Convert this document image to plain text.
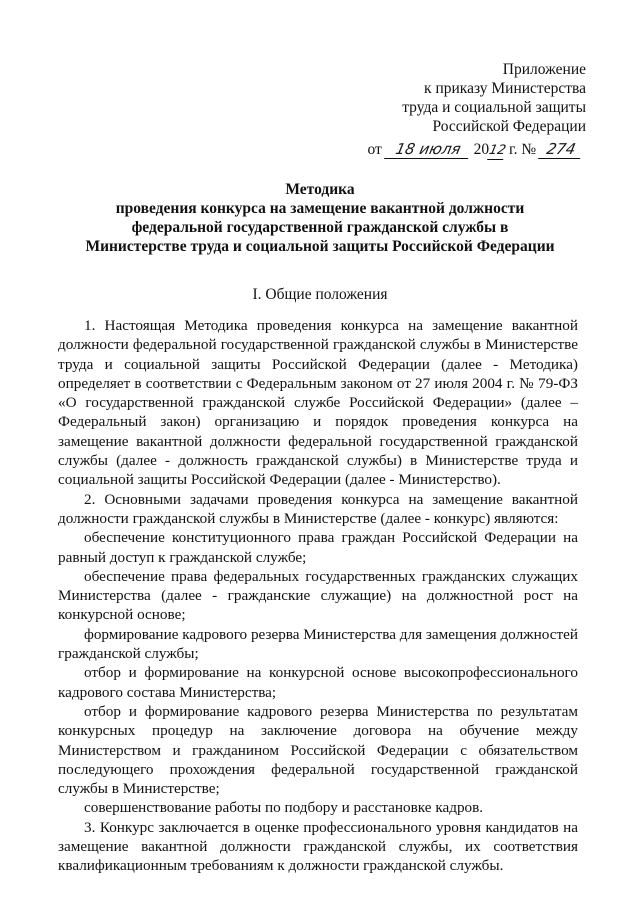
Приложение
к приказу Министерства
труда и социальной защиты
Российской Федерации
от 18 июля 2012 г. № 274
Методика
проведения конкурса на замещение вакантной должности
федеральной государственной гражданской службы в
Министерстве труда и социальной защиты Российской Федерации
I. Общие положения

1. Настоящая Методика проведения конкурса на замещение вакантной должности федеральной государственной гражданской службы в Министерстве труда и социальной защиты Российской Федерации (далее - Методика) определяет в соответствии с Федеральным законом от 27 июля 2004 г. № 79-ФЗ «О государственной гражданской службе Российской Федерации» (далее – Федеральный закон) организацию и порядок проведения конкурса на замещение вакантной должности федеральной государственной гражданской службы (далее - должность гражданской службы) в Министерстве труда и социальной защиты Российской Федерации (далее - Министерство).

2. Основными задачами проведения конкурса на замещение вакантной должности гражданской службы в Министерстве (далее - конкурс) являются:

обеспечение конституционного права граждан Российской Федерации на равный доступ к гражданской службе;

обеспечение права федеральных государственных гражданских служащих Министерства (далее - гражданские служащие) на должностной рост на конкурсной основе;

формирование кадрового резерва Министерства для замещения должностей гражданской службы;

отбор и формирование на конкурсной основе высокопрофессионального кадрового состава Министерства;

отбор и формирование кадрового резерва Министерства по результатам конкурсных процедур на заключение договора на обучение между Министерством и гражданином Российской Федерации с обязательством последующего прохождения федеральной государственной гражданской службы в Министерстве;

совершенствование работы по подбору и расстановке кадров.

3. Конкурс заключается в оценке профессионального уровня кандидатов на замещение вакантной должности гражданской службы, их соответствия квалификационным требованиям к должности гражданской службы.
